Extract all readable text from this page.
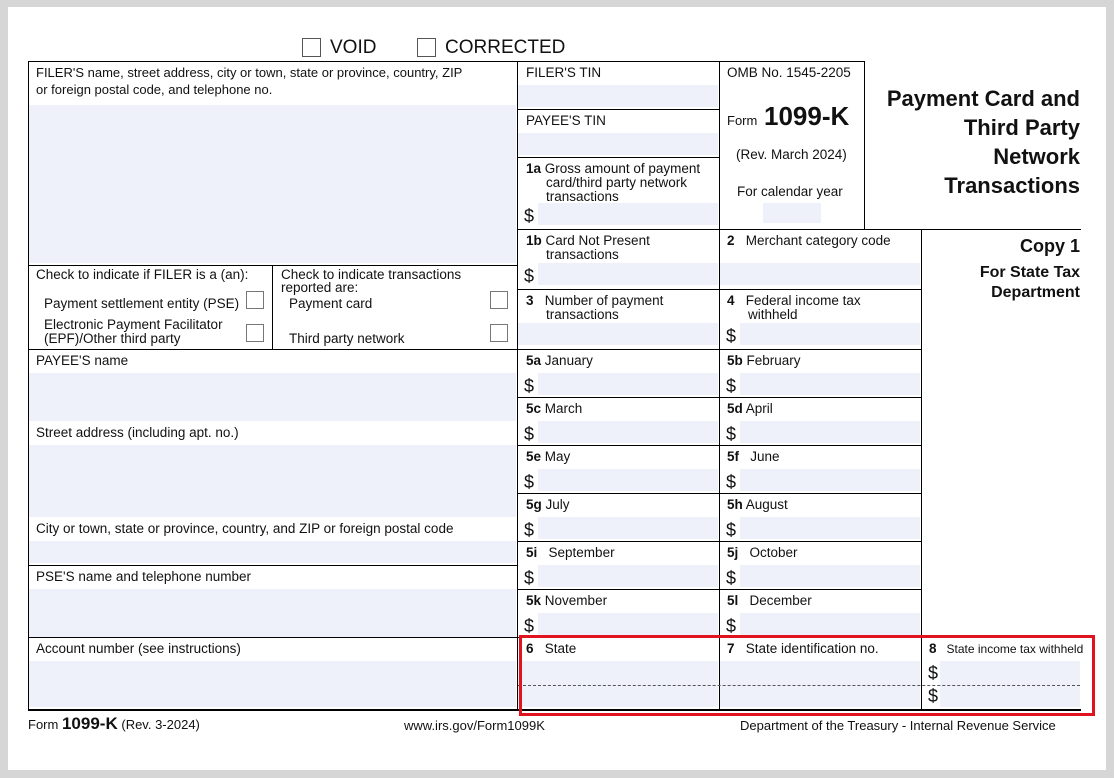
VOID	CORRECTED
FILER'S name, street address, city or town, state or province, country, ZIP
or foreign postal code, and telephone no.
Check to indicate if FILER is a (an):
Payment settlement entity (PSE)
Electronic Payment Facilitator
(EPF)/Other third party
Check to indicate transactions
reported are:
Payment card
Third party network
FILER'S TIN
PAYEE'S TIN
1a Gross amount of payment
card/third party network
transactions
$
1b Card Not Present
transactions
$
2 Merchant category code
3 Number of payment
transactions
4 Federal income tax
withheld
$
OMB No. 1545-2205
Form 1099-K
(Rev. March 2024)
For calendar year
Payment Card and
Third Party
Network
Transactions
Copy 1
For State Tax
Department
PAYEE'S name
Street address (including apt. no.)
City or town, state or province, country, and ZIP or foreign postal code
PSE'S name and telephone number
Account number (see instructions)
5a January
$
5b February
$
5c March
$
5d April
$
5e May
$
5f June
$
5g July
$
5h August
$
5i September
$
5j October
$
5k November
$
5l December
$
6 State	7 State identification no.	8 State income tax withheld
$
$
Form 1099-K (Rev. 3-2024)	www.irs.gov/Form1099K	Department of the Treasury - Internal Revenue Service
